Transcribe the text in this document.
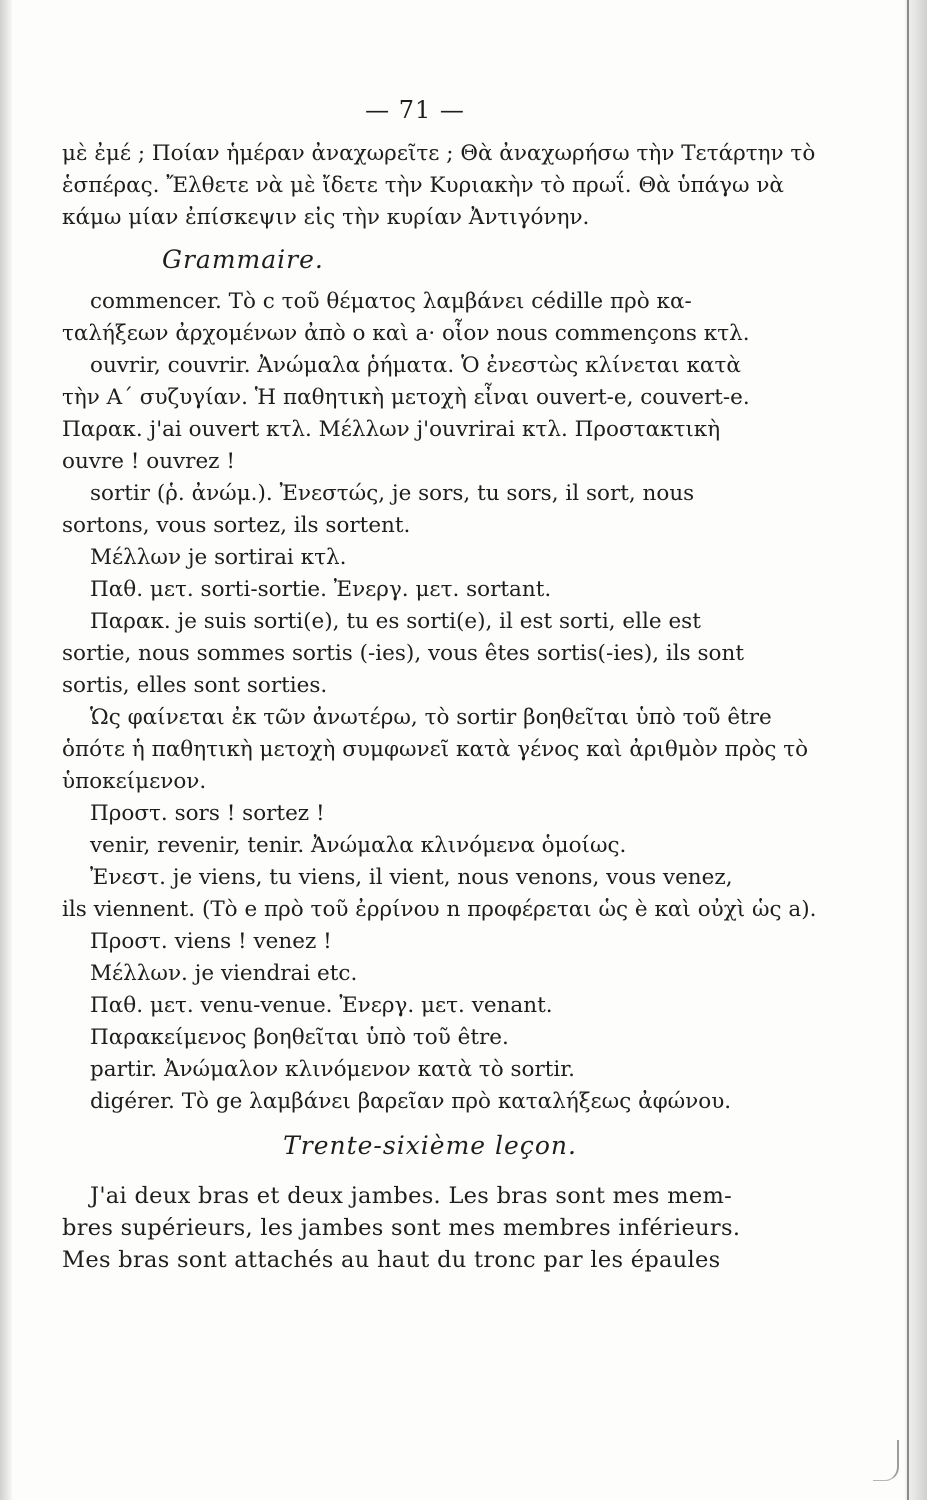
— 71 —
μὲ ἐμέ ; Ποίαν ἡμέραν ἀναχωρεῖτε ; Θὰ ἀναχωρήσω τὴν Τετάρτην τὸ
ἑσπέρας. Ἔλθετε νὰ μὲ ἴδετε τὴν Κυριακὴν τὸ πρωΐ. Θὰ ὑπάγω νὰ
κάμω μίαν ἐπίσκεψιν εἰς τὴν κυρίαν Ἀντιγόνην.
Grammaire.
commencer. Τὸ c τοῦ θέματος λαμβάνει cédille πρὸ κα-
ταλήξεων ἀρχομένων ἀπὸ o καὶ a· οἷον nous commençons κτλ.
ouvrir, couvrir. Ἀνώμαλα ῥήματα. Ὁ ἐνεστὼς κλίνεται κατὰ
τὴν Α΄ συζυγίαν. Ἡ παθητικὴ μετοχὴ εἶναι ouvert-e, couvert-e.
Παρακ. j'ai ouvert κτλ. Μέλλων j'ouvrirai κτλ. Προστακτικὴ
ouvre ! ouvrez !
sortir (ῥ. ἀνώμ.). Ἐνεστώς, je sors, tu sors, il sort, nous
sortons, vous sortez, ils sortent.
Μέλλων je sortirai κτλ.
Παθ. μετ. sorti-sortie. Ἐνεργ. μετ. sortant.
Παρακ. je suis sorti(e), tu es sorti(e), il est sorti, elle est
sortie, nous sommes sortis (-ies), vous êtes sortis(-ies), ils sont
sortis, elles sont sorties.
Ὡς φαίνεται ἐκ τῶν ἀνωτέρω, τὸ sortir βοηθεῖται ὑπὸ τοῦ être
ὁπότε ἡ παθητικὴ μετοχὴ συμφωνεῖ κατὰ γένος καὶ ἀριθμὸν πρὸς τὸ
ὑποκείμενον.
Προστ. sors ! sortez !
venir, revenir, tenir. Ἀνώμαλα κλινόμενα ὁμοίως.
Ἐνεστ. je viens, tu viens, il vient, nous venons, vous venez,
ils viennent. (Τὸ e πρὸ τοῦ ἐρρίνου n προφέρεται ὡς è καὶ οὐχὶ ὡς a).
Προστ. viens ! venez !
Μέλλων. je viendrai etc.
Παθ. μετ. venu-venue. Ἐνεργ. μετ. venant.
Παρακείμενος βοηθεῖται ὑπὸ τοῦ être.
partir. Ἀνώμαλον κλινόμενον κατὰ τὸ sortir.
digérer. Τὸ ge λαμβάνει βαρεῖαν πρὸ καταλήξεως ἀφώνου.
Trente-sixième leçon.
J'ai deux bras et deux jambes. Les bras sont mes mem-
bres supérieurs, les jambes sont mes membres inférieurs.
Mes bras sont attachés au haut du tronc par les épaules
